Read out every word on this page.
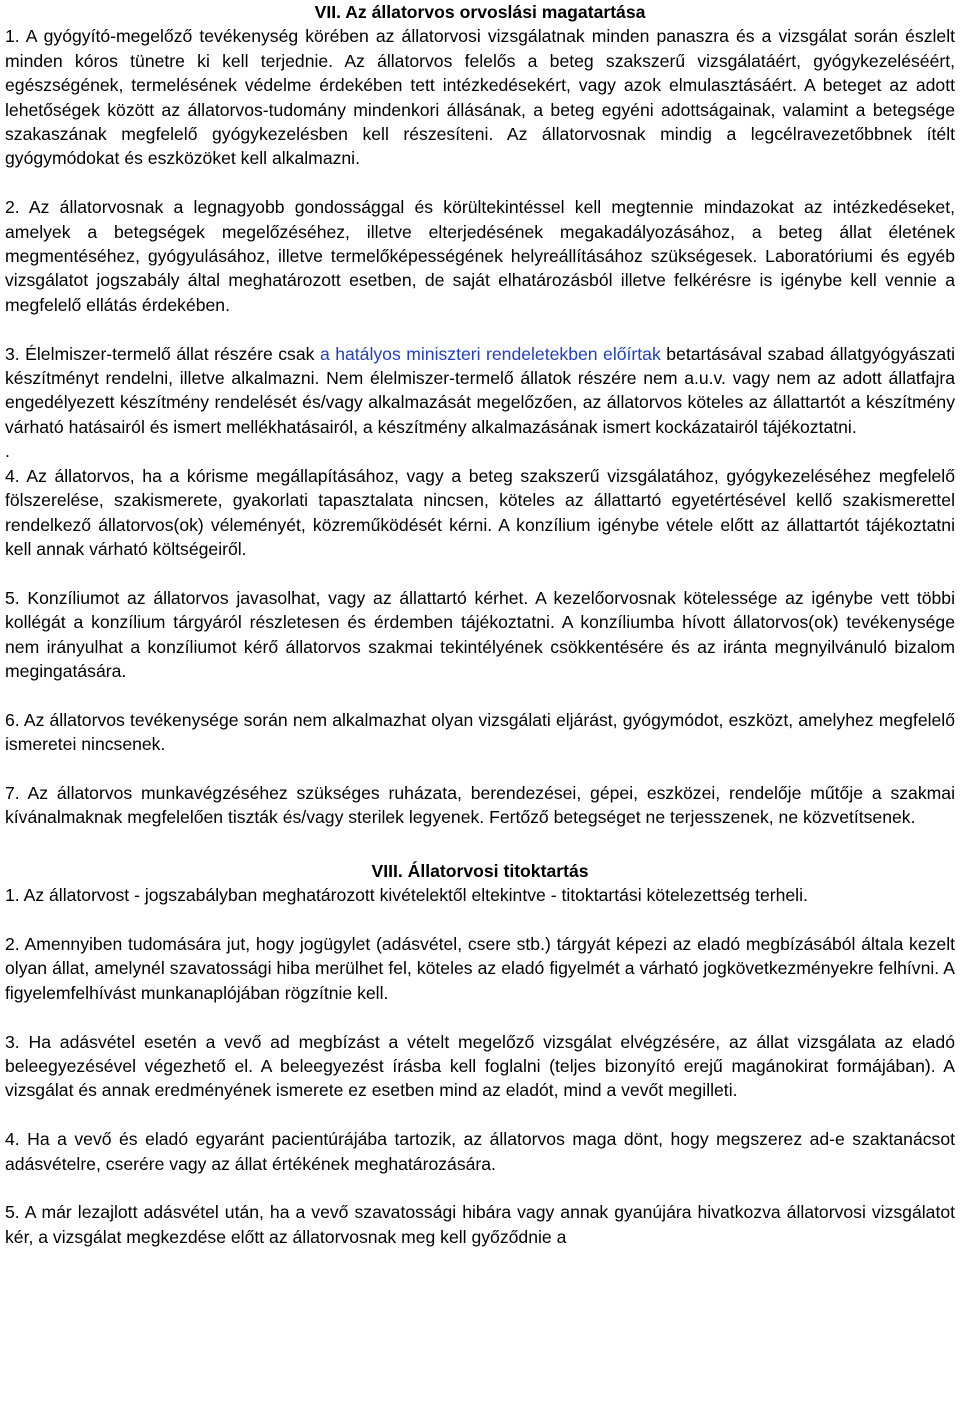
VII. Az állatorvos orvoslási magatartása

1. A gyógyító-megelőző tevékenység körében az állatorvosi vizsgálatnak minden panaszra és a vizsgálat során észlelt minden kóros tünetre ki kell terjednie. Az állatorvos felelős a beteg szakszerű vizsgálatáért, gyógykezeléséért, egészségének, termelésének védelme érdekében tett intézkedésekért, vagy azok elmulasztásáért. A beteget az adott lehetőségek között az állatorvos-tudomány mindenkori állásának, a beteg egyéni adottságainak, valamint a betegsége szakaszának megfelelő gyógykezelésben kell részesíteni. Az állatorvosnak mindig a legcélravezetőbbnek ítélt gyógymódokat és eszközöket kell alkalmazni.

2. Az állatorvosnak a legnagyobb gondossággal és körültekintéssel kell megtennie mindazokat az intézkedéseket, amelyek a betegségek megelőzéséhez, illetve elterjedésének megakadályozásához, a beteg állat életének megmentéséhez, gyógyulásához, illetve termelőképességének helyreállításához szükségesek. Laboratóriumi és egyéb vizsgálatot jogszabály által meghatározott esetben, de saját elhatározásból illetve felkérésre is igénybe kell vennie a megfelelő ellátás érdekében.

3. Élelmiszer-termelő állat részére csak a hatályos miniszteri rendeletekben előírtak betartásával szabad állatgyógyászati készítményt rendelni, illetve alkalmazni. Nem élelmiszer-termelő állatok részére nem a.u.v. vagy nem az adott állatfajra engedélyezett készítmény rendelését és/vagy alkalmazását megelőzően, az állatorvos köteles az állattartót a készítmény várható hatásairól és ismert mellékhatásairól, a készítmény alkalmazásának ismert kockázatairól tájékoztatni.

.

4. Az állatorvos, ha a kórisme megállapításához, vagy a beteg szakszerű vizsgálatához, gyógykezeléséhez megfelelő fölszerelése, szakismerete, gyakorlati tapasztalata nincsen, köteles az állattartó egyetértésével kellő szakismerettel rendelkező állatorvos(ok) véleményét, közreműködését kérni. A konzílium igénybe vétele előtt az állattartót tájékoztatni kell annak várható költségeiről.

5. Konzíliumot az állatorvos javasolhat, vagy az állattartó kérhet. A kezelőorvosnak kötelessége az igénybe vett többi kollégát a konzílium tárgyáról részletesen és érdemben tájékoztatni. A konzíliumba hívott állatorvos(ok) tevékenysége nem irányulhat a konzíliumot kérő állatorvos szakmai tekintélyének csökkentésére és az iránta megnyilvánuló bizalom megingatására.

6. Az állatorvos tevékenysége során nem alkalmazhat olyan vizsgálati eljárást, gyógymódot, eszközt, amelyhez megfelelő ismeretei nincsenek.

7. Az állatorvos munkavégzéséhez szükséges ruházata, berendezései, gépei, eszközei, rendelője műtője a szakmai kívánalmaknak megfelelően tiszták és/vagy sterilek legyenek. Fertőző betegséget ne terjesszenek, ne közvetítsenek.

VIII. Állatorvosi titoktartás

1. Az állatorvost - jogszabályban meghatározott kivételektől eltekintve - titoktartási kötelezettség terheli.

2. Amennyiben tudomására jut, hogy jogügylet (adásvétel, csere stb.) tárgyát képezi az eladó megbízásából általa kezelt olyan állat, amelynél szavatossági hiba merülhet fel, köteles az eladó figyelmét a várható jogkövetkezményekre felhívni. A figyelemfelhívást munkanaplójában rögzítnie kell.

3. Ha adásvétel esetén a vevő ad megbízást a vételt megelőző vizsgálat elvégzésére, az állat vizsgálata az eladó beleegyezésével végezhető el. A beleegyezést írásba kell foglalni (teljes bizonyító erejű magánokirat formájában). A vizsgálat és annak eredményének ismerete ez esetben mind az eladót, mind a vevőt megilleti.

4. Ha a vevő és eladó egyaránt pacientúrájába tartozik, az állatorvos maga dönt, hogy megszerez ad-e szaktanácsot adásvételre, cserére vagy az állat értékének meghatározására.

5. A már lezajlott adásvétel után, ha a vevő szavatossági hibára vagy annak gyanújára hivatkozva állatorvosi vizsgálatot kér, a vizsgálat megkezdése előtt az állatorvosnak meg kell győződnie a
